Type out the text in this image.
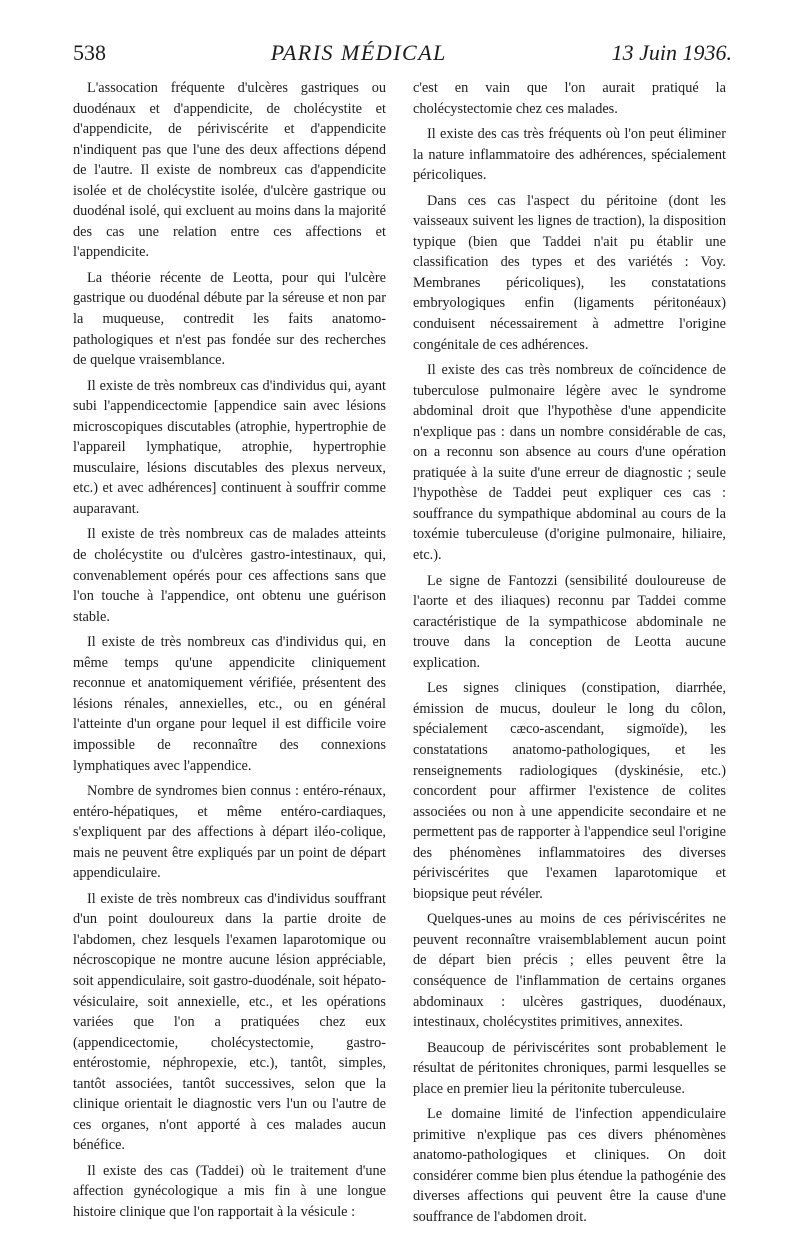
538	PARIS MÉDICAL	13 Juin 1936.

L'assocation fréquente d'ulcères gastriques ou duodénaux et d'appendicite, de cholécystite et d'appendicite, de périviscérite et d'appendicite n'indiquent pas que l'une des deux affections dépend de l'autre. Il existe de nombreux cas d'appendicite isolée et de cholécystite isolée, d'ulcère gastrique ou duodénal isolé, qui excluent au moins dans la majorité des cas une relation entre ces affections et l'appendicite.

La théorie récente de Leotta, pour qui l'ulcère gastrique ou duodénal débute par la séreuse et non par la muqueuse, contredit les faits anatomo-pathologiques et n'est pas fondée sur des recherches de quelque vraisemblance.

Il existe de très nombreux cas d'individus qui, ayant subi l'appendicectomie [appendice sain avec lésions microscopiques discutables (atrophie, hypertrophie de l'appareil lymphatique, atrophie, hypertrophie musculaire, lésions discutables des plexus nerveux, etc.) et avec adhérences] continuent à souffrir comme auparavant.

Il existe de très nombreux cas de malades atteints de cholécystite ou d'ulcères gastro-intestinaux, qui, convenablement opérés pour ces affections sans que l'on touche à l'appendice, ont obtenu une guérison stable.

Il existe de très nombreux cas d'individus qui, en même temps qu'une appendicite cliniquement reconnue et anatomiquement vérifiée, présentent des lésions rénales, annexielles, etc., ou en général l'atteinte d'un organe pour lequel il est difficile voire impossible de reconnaître des connexions lymphatiques avec l'appendice.

Nombre de syndromes bien connus : entéro-rénaux, entéro-hépatiques, et même entéro-cardiaques, s'expliquent par des affections à départ iléo-colique, mais ne peuvent être expliqués par un point de départ appendiculaire.

Il existe de très nombreux cas d'individus souffrant d'un point douloureux dans la partie droite de l'abdomen, chez lesquels l'examen laparotomique ou nécroscopique ne montre aucune lésion appréciable, soit appendiculaire, soit gastro-duodénale, soit hépato-vésiculaire, soit annexielle, etc., et les opérations variées que l'on a pratiquées chez eux (appendicectomie, cholécystectomie, gastro-entérostomie, néphropexie, etc.), tantôt, simples, tantôt associées, tantôt successives, selon que la clinique orientait le diagnostic vers l'un ou l'autre de ces organes, n'ont apporté à ces malades aucun bénéfice.

Il existe des cas (Taddei) où le traitement d'une affection gynécologique a mis fin à une longue histoire clinique que l'on rapportait à la vésicule :

c'est en vain que l'on aurait pratiqué la cholécystectomie chez ces malades.

Il existe des cas très fréquents où l'on peut éliminer la nature inflammatoire des adhérences, spécialement péricoliques.

Dans ces cas l'aspect du péritoine (dont les vaisseaux suivent les lignes de traction), la disposition typique (bien que Taddei n'ait pu établir une classification des types et des variétés : Voy. Membranes péricoliques), les constatations embryologiques enfin (ligaments péritonéaux) conduisent nécessairement à admettre l'origine congénitale de ces adhérences.

Il existe des cas très nombreux de coïncidence de tuberculose pulmonaire légère avec le syndrome abdominal droit que l'hypothèse d'une appendicite n'explique pas : dans un nombre considérable de cas, on a reconnu son absence au cours d'une opération pratiquée à la suite d'une erreur de diagnostic ; seule l'hypothèse de Taddei peut expliquer ces cas : souffrance du sympathique abdominal au cours de la toxémie tuberculeuse (d'origine pulmonaire, hiliaire, etc.).

Le signe de Fantozzi (sensibilité douloureuse de l'aorte et des iliaques) reconnu par Taddei comme caractéristique de la sympathicose abdominale ne trouve dans la conception de Leotta aucune explication.

Les signes cliniques (constipation, diarrhée, émission de mucus, douleur le long du côlon, spécialement cæco-ascendant, sigmoïde), les constatations anatomo-pathologiques, et les renseignements radiologiques (dyskinésie, etc.) concordent pour affirmer l'existence de colites associées ou non à une appendicite secondaire et ne permettent pas de rapporter à l'appendice seul l'origine des phénomènes inflammatoires des diverses périviscérites que l'examen laparotomique et biopsique peut révéler.

Quelques-unes au moins de ces périviscérites ne peuvent reconnaître vraisemblablement aucun point de départ bien précis ; elles peuvent être la conséquence de l'inflammation de certains organes abdominaux : ulcères gastriques, duodénaux, intestinaux, cholécystites primitives, annexites.

Beaucoup de périviscérites sont probablement le résultat de péritonites chroniques, parmi lesquelles se place en premier lieu la péritonite tuberculeuse.

Le domaine limité de l'infection appendiculaire primitive n'explique pas ces divers phénomènes anatomo-pathologiques et cliniques. On doit considérer comme bien plus étendue la pathogénie des diverses affections qui peuvent être la cause d'une souffrance de l'abdomen droit.
